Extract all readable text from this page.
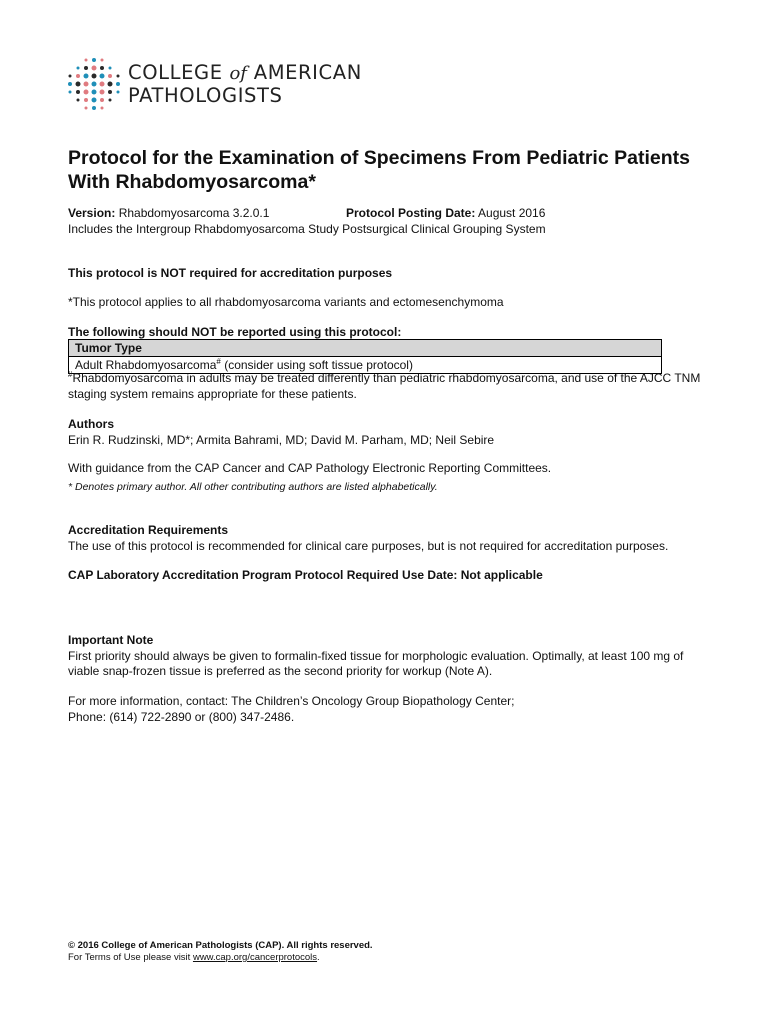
COLLEGE of AMERICAN
PATHOLOGISTS
Protocol for the Examination of Specimens From Pediatric Patients With Rhabdomyosarcoma*
Version: Rhabdomyosarcoma 3.2.0.1	Protocol Posting Date: August 2016
Includes the Intergroup Rhabdomyosarcoma Study Postsurgical Clinical Grouping System
This protocol is NOT required for accreditation purposes
*This protocol applies to all rhabdomyosarcoma variants and ectomesenchymoma
The following should NOT be reported using this protocol:
Tumor Type
Adult Rhabdomyosarcoma# (consider using soft tissue protocol)
#Rhabdomyosarcoma in adults may be treated differently than pediatric rhabdomyosarcoma, and use of the AJCC TNM staging system remains appropriate for these patients.
Authors
Erin R. Rudzinski, MD*; Armita Bahrami, MD; David M. Parham, MD; Neil Sebire
With guidance from the CAP Cancer and CAP Pathology Electronic Reporting Committees.
* Denotes primary author. All other contributing authors are listed alphabetically.
Accreditation Requirements
The use of this protocol is recommended for clinical care purposes, but is not required for accreditation purposes.
CAP Laboratory Accreditation Program Protocol Required Use Date: Not applicable
Important Note
First priority should always be given to formalin-fixed tissue for morphologic evaluation. Optimally, at least 100 mg of viable snap-frozen tissue is preferred as the second priority for workup (Note A).
For more information, contact: The Children’s Oncology Group Biopathology Center;
Phone: (614) 722-2890 or (800) 347-2486.
© 2016 College of American Pathologists (CAP). All rights reserved.
For Terms of Use please visit www.cap.org/cancerprotocols.
